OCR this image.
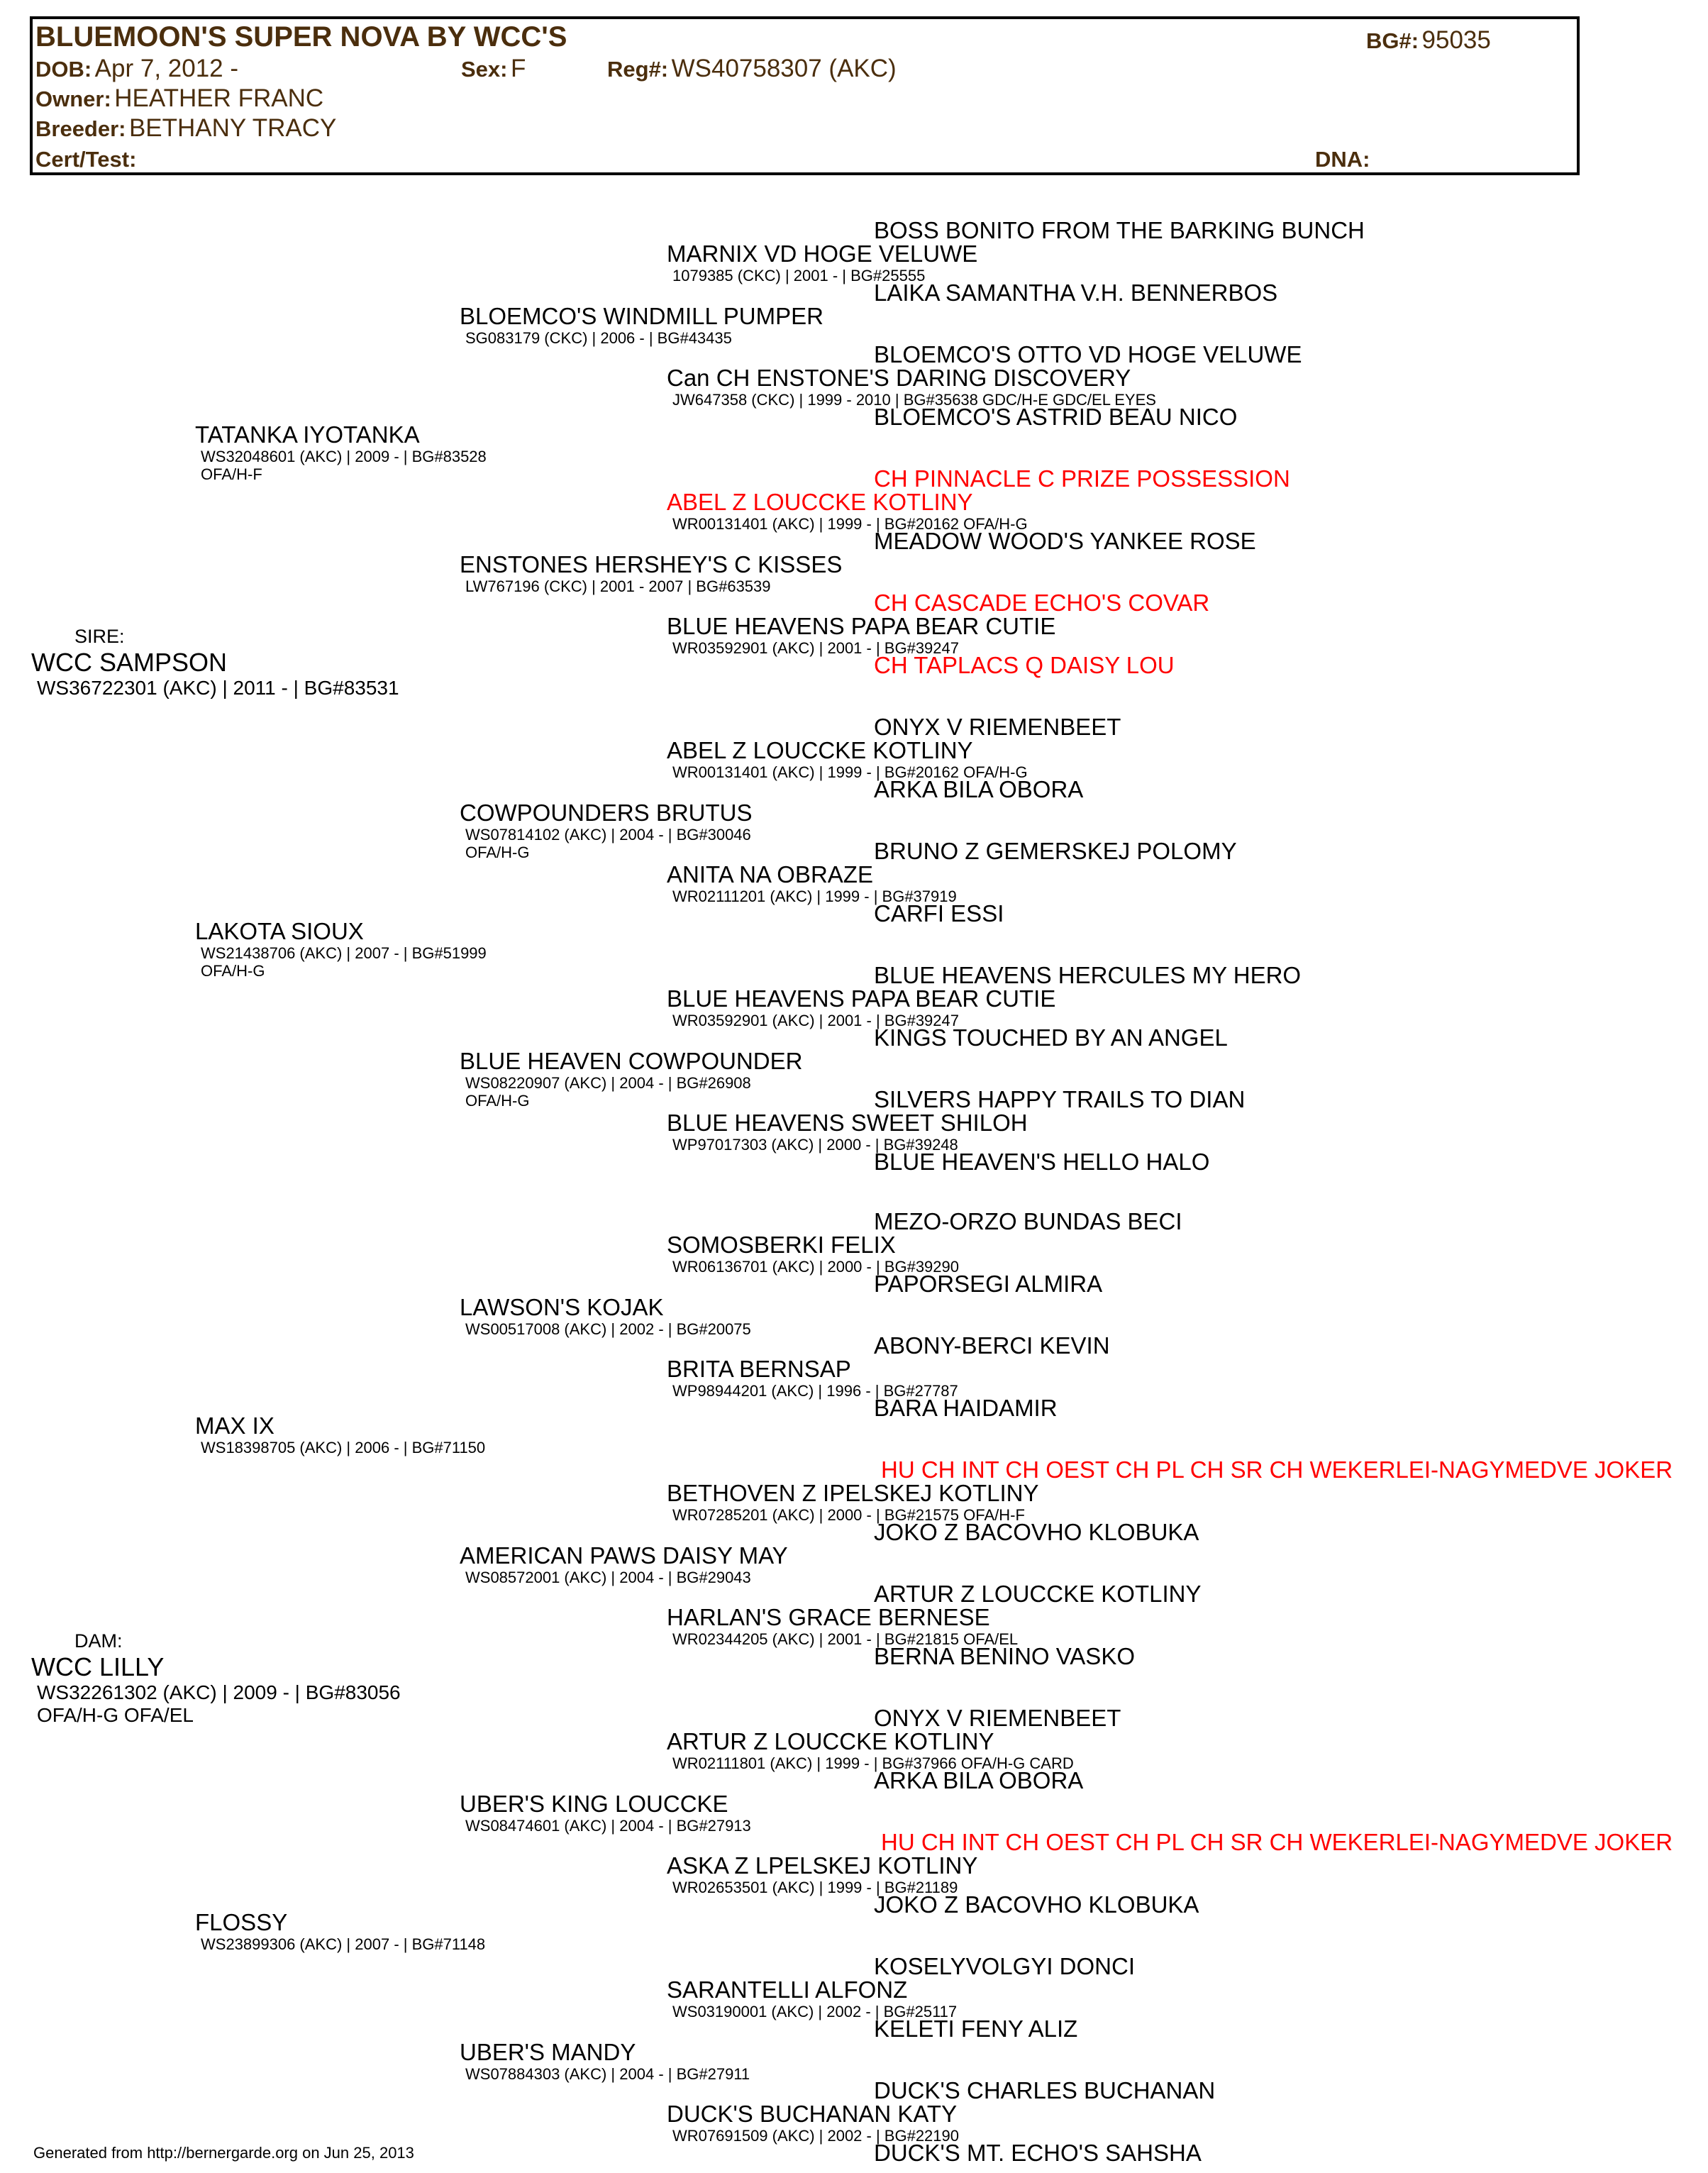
BLUEMOON'S SUPER NOVA BY WCC'S	BG#: 95035
DOB: Apr 7, 2012 -	Sex: F	Reg#: WS40758307 (AKC)
Owner: HEATHER FRANC
Breeder: BETHANY TRACY
Cert/Test:	DNA:
SIRE:
WCC SAMPSON
WS36722301 (AKC) | 2011 - | BG#83531
DAM:
WCC LILLY
WS32261302 (AKC) | 2009 - | BG#83056
OFA/H-G OFA/EL
TATANKA IYOTANKA
WS32048601 (AKC) | 2009 - | BG#83528
OFA/H-F
LAKOTA SIOUX
WS21438706 (AKC) | 2007 - | BG#51999
OFA/H-G
MAX IX
WS18398705 (AKC) | 2006 - | BG#71150
FLOSSY
WS23899306 (AKC) | 2007 - | BG#71148
BLOEMCO'S WINDMILL PUMPER
SG083179 (CKC) | 2006 - | BG#43435
ENSTONES HERSHEY'S C KISSES
LW767196 (CKC) | 2001 - 2007 | BG#63539
COWPOUNDERS BRUTUS
WS07814102 (AKC) | 2004 - | BG#30046
OFA/H-G
BLUE HEAVEN COWPOUNDER
WS08220907 (AKC) | 2004 - | BG#26908
OFA/H-G
LAWSON'S KOJAK
WS00517008 (AKC) | 2002 - | BG#20075
AMERICAN PAWS DAISY MAY
WS08572001 (AKC) | 2004 - | BG#29043
UBER'S KING LOUCCKE
WS08474601 (AKC) | 2004 - | BG#27913
UBER'S MANDY
WS07884303 (AKC) | 2004 - | BG#27911
MARNIX VD HOGE VELUWE
1079385 (CKC) | 2001 - | BG#25555
Can CH ENSTONE'S DARING DISCOVERY
JW647358 (CKC) | 1999 - 2010 | BG#35638 GDC/H-E GDC/EL EYES
ABEL Z LOUCCKE KOTLINY
WR00131401 (AKC) | 1999 - | BG#20162 OFA/H-G
BLUE HEAVENS PAPA BEAR CUTIE
WR03592901 (AKC) | 2001 - | BG#39247
ABEL Z LOUCCKE KOTLINY
WR00131401 (AKC) | 1999 - | BG#20162 OFA/H-G
ANITA NA OBRAZE
WR02111201 (AKC) | 1999 - | BG#37919
BLUE HEAVENS PAPA BEAR CUTIE
WR03592901 (AKC) | 2001 - | BG#39247
BLUE HEAVENS SWEET SHILOH
WP97017303 (AKC) | 2000 - | BG#39248
SOMOSBERKI FELIX
WR06136701 (AKC) | 2000 - | BG#39290
BRITA BERNSAP
WP98944201 (AKC) | 1996 - | BG#27787
BETHOVEN Z IPELSKEJ KOTLINY
WR07285201 (AKC) | 2000 - | BG#21575 OFA/H-F
HARLAN'S GRACE BERNESE
WR02344205 (AKC) | 2001 - | BG#21815 OFA/EL
ARTUR Z LOUCCKE KOTLINY
WR02111801 (AKC) | 1999 - | BG#37966 OFA/H-G CARD
ASKA Z LPELSKEJ KOTLINY
WR02653501 (AKC) | 1999 - | BG#21189
SARANTELLI ALFONZ
WS03190001 (AKC) | 2002 - | BG#25117
DUCK'S BUCHANAN KATY
WR07691509 (AKC) | 2002 - | BG#22190
BOSS BONITO FROM THE BARKING BUNCH
LAIKA SAMANTHA V.H. BENNERBOS
BLOEMCO'S OTTO VD HOGE VELUWE
BLOEMCO'S ASTRID BEAU NICO
CH PINNACLE C PRIZE POSSESSION
MEADOW WOOD'S YANKEE ROSE
CH CASCADE ECHO'S COVAR
CH TAPLACS Q DAISY LOU
ONYX V RIEMENBEET
ARKA BILA OBORA
BRUNO Z GEMERSKEJ POLOMY
CARFI ESSI
BLUE HEAVENS HERCULES MY HERO
KINGS TOUCHED BY AN ANGEL
SILVERS HAPPY TRAILS TO DIAN
BLUE HEAVEN'S HELLO HALO
MEZO-ORZO BUNDAS BECI
PAPORSEGI ALMIRA
ABONY-BERCI KEVIN
BARA HAIDAMIR
HU CH INT CH OEST CH PL CH SR CH WEKERLEI-NAGYMEDVE JOKER
JOKO Z BACOVHO KLOBUKA
ARTUR Z LOUCCKE KOTLINY
BERNA BENINO VASKO
ONYX V RIEMENBEET
ARKA BILA OBORA
HU CH INT CH OEST CH PL CH SR CH WEKERLEI-NAGYMEDVE JOKER
JOKO Z BACOVHO KLOBUKA
KOSELYVOLGYI DONCI
KELETI FENY ALIZ
DUCK'S CHARLES BUCHANAN
DUCK'S MT. ECHO'S SAHSHA
Generated from http://bernergarde.org on Jun 25, 2013
